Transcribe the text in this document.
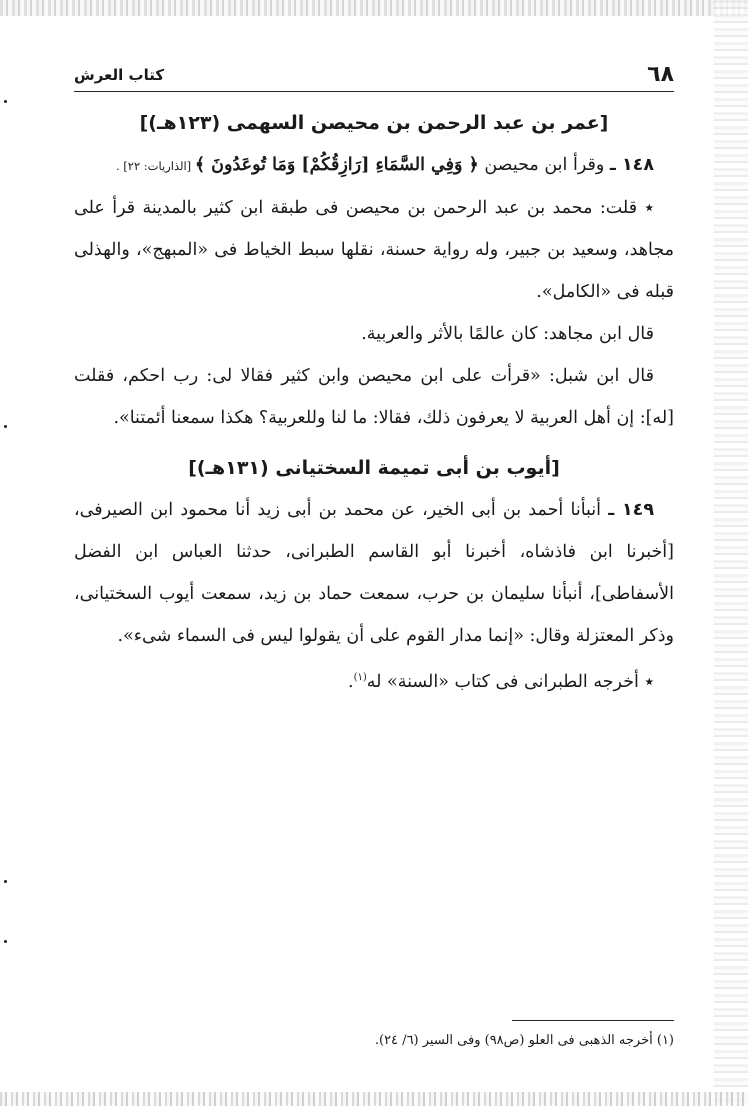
٦٨
كتاب العرش
[عمر بن عبد الرحمن بن محيصن السهمى (١٢٣هـ)]

١٤٨ ـ وقرأ ابن محيصن ﴿ وَفِي السَّمَاءِ [رَازِقُكُمْ] وَمَا تُوعَدُونَ ﴾ [الذاريات: ٢٢] .

٭ قلت: محمد بن عبد الرحمن بن محيصن فى طبقة ابن كثير بالمدينة قرأ على مجاهد، وسعيد بن جبير، وله رواية حسنة، نقلها سبط الخياط فى «المبهج»، والهذلى قبله فى «الكامل».

قال ابن مجاهد: كان عالمًا بالأثر والعربية.

قال ابن شبل: «قرأت على ابن محيصن وابن كثير فقالا لى: رب احكم، فقلت [له]: إن أهل العربية لا يعرفون ذلك، فقالا: ما لنا وللعربية؟ هكذا سمعنا أئمتنا».

[أيوب بن أبى تميمة السختيانى (١٣١هـ)]

١٤٩ ـ أنبأنا أحمد بن أبى الخير، عن محمد بن أبى زيد أنا محمود ابن الصيرفى، [أخبرنا ابن فاذشاه، أخبرنا أبو القاسم الطبرانى، حدثنا العباس ابن الفضل الأسفاطى]، أنبأنا سليمان بن حرب، سمعت حماد بن زيد، سمعت أيوب السختيانى، وذكر المعتزلة وقال: «إنما مدار القوم على أن يقولوا ليس فى السماء شىء».

٭ أخرجه الطبرانى فى كتاب «السنة» له$^{(١)}$.

(١) أخرجه الذهبى فى العلو (ص٩٨) وفى السير (٦/ ٢٤).
